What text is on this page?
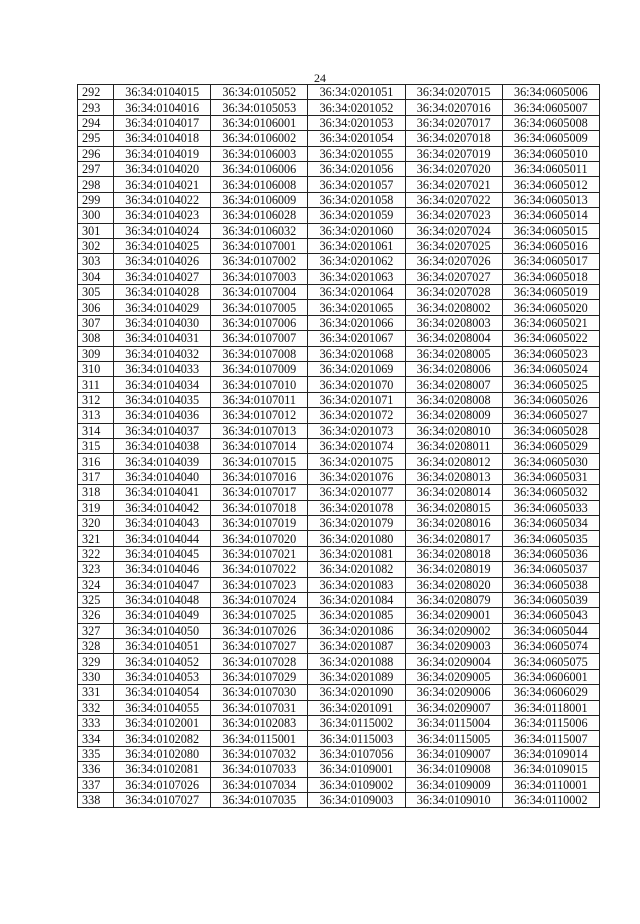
24
292	36:34:0104015	36:34:0105052	36:34:0201051	36:34:0207015	36:34:0605006
293	36:34:0104016	36:34:0105053	36:34:0201052	36:34:0207016	36:34:0605007
294	36:34:0104017	36:34:0106001	36:34:0201053	36:34:0207017	36:34:0605008
295	36:34:0104018	36:34:0106002	36:34:0201054	36:34:0207018	36:34:0605009
296	36:34:0104019	36:34:0106003	36:34:0201055	36:34:0207019	36:34:0605010
297	36:34:0104020	36:34:0106006	36:34:0201056	36:34:0207020	36:34:0605011
298	36:34:0104021	36:34:0106008	36:34:0201057	36:34:0207021	36:34:0605012
299	36:34:0104022	36:34:0106009	36:34:0201058	36:34:0207022	36:34:0605013
300	36:34:0104023	36:34:0106028	36:34:0201059	36:34:0207023	36:34:0605014
301	36:34:0104024	36:34:0106032	36:34:0201060	36:34:0207024	36:34:0605015
302	36:34:0104025	36:34:0107001	36:34:0201061	36:34:0207025	36:34:0605016
303	36:34:0104026	36:34:0107002	36:34:0201062	36:34:0207026	36:34:0605017
304	36:34:0104027	36:34:0107003	36:34:0201063	36:34:0207027	36:34:0605018
305	36:34:0104028	36:34:0107004	36:34:0201064	36:34:0207028	36:34:0605019
306	36:34:0104029	36:34:0107005	36:34:0201065	36:34:0208002	36:34:0605020
307	36:34:0104030	36:34:0107006	36:34:0201066	36:34:0208003	36:34:0605021
308	36:34:0104031	36:34:0107007	36:34:0201067	36:34:0208004	36:34:0605022
309	36:34:0104032	36:34:0107008	36:34:0201068	36:34:0208005	36:34:0605023
310	36:34:0104033	36:34:0107009	36:34:0201069	36:34:0208006	36:34:0605024
311	36:34:0104034	36:34:0107010	36:34:0201070	36:34:0208007	36:34:0605025
312	36:34:0104035	36:34:0107011	36:34:0201071	36:34:0208008	36:34:0605026
313	36:34:0104036	36:34:0107012	36:34:0201072	36:34:0208009	36:34:0605027
314	36:34:0104037	36:34:0107013	36:34:0201073	36:34:0208010	36:34:0605028
315	36:34:0104038	36:34:0107014	36:34:0201074	36:34:0208011	36:34:0605029
316	36:34:0104039	36:34:0107015	36:34:0201075	36:34:0208012	36:34:0605030
317	36:34:0104040	36:34:0107016	36:34:0201076	36:34:0208013	36:34:0605031
318	36:34:0104041	36:34:0107017	36:34:0201077	36:34:0208014	36:34:0605032
319	36:34:0104042	36:34:0107018	36:34:0201078	36:34:0208015	36:34:0605033
320	36:34:0104043	36:34:0107019	36:34:0201079	36:34:0208016	36:34:0605034
321	36:34:0104044	36:34:0107020	36:34:0201080	36:34:0208017	36:34:0605035
322	36:34:0104045	36:34:0107021	36:34:0201081	36:34:0208018	36:34:0605036
323	36:34:0104046	36:34:0107022	36:34:0201082	36:34:0208019	36:34:0605037
324	36:34:0104047	36:34:0107023	36:34:0201083	36:34:0208020	36:34:0605038
325	36:34:0104048	36:34:0107024	36:34:0201084	36:34:0208079	36:34:0605039
326	36:34:0104049	36:34:0107025	36:34:0201085	36:34:0209001	36:34:0605043
327	36:34:0104050	36:34:0107026	36:34:0201086	36:34:0209002	36:34:0605044
328	36:34:0104051	36:34:0107027	36:34:0201087	36:34:0209003	36:34:0605074
329	36:34:0104052	36:34:0107028	36:34:0201088	36:34:0209004	36:34:0605075
330	36:34:0104053	36:34:0107029	36:34:0201089	36:34:0209005	36:34:0606001
331	36:34:0104054	36:34:0107030	36:34:0201090	36:34:0209006	36:34:0606029
332	36:34:0104055	36:34:0107031	36:34:0201091	36:34:0209007	36:34:0118001
333	36:34:0102001	36:34:0102083	36:34:0115002	36:34:0115004	36:34:0115006
334	36:34:0102082	36:34:0115001	36:34:0115003	36:34:0115005	36:34:0115007
335	36:34:0102080	36:34:0107032	36:34:0107056	36:34:0109007	36:34:0109014
336	36:34:0102081	36:34:0107033	36:34:0109001	36:34:0109008	36:34:0109015
337	36:34:0107026	36:34:0107034	36:34:0109002	36:34:0109009	36:34:0110001
338	36:34:0107027	36:34:0107035	36:34:0109003	36:34:0109010	36:34:0110002
